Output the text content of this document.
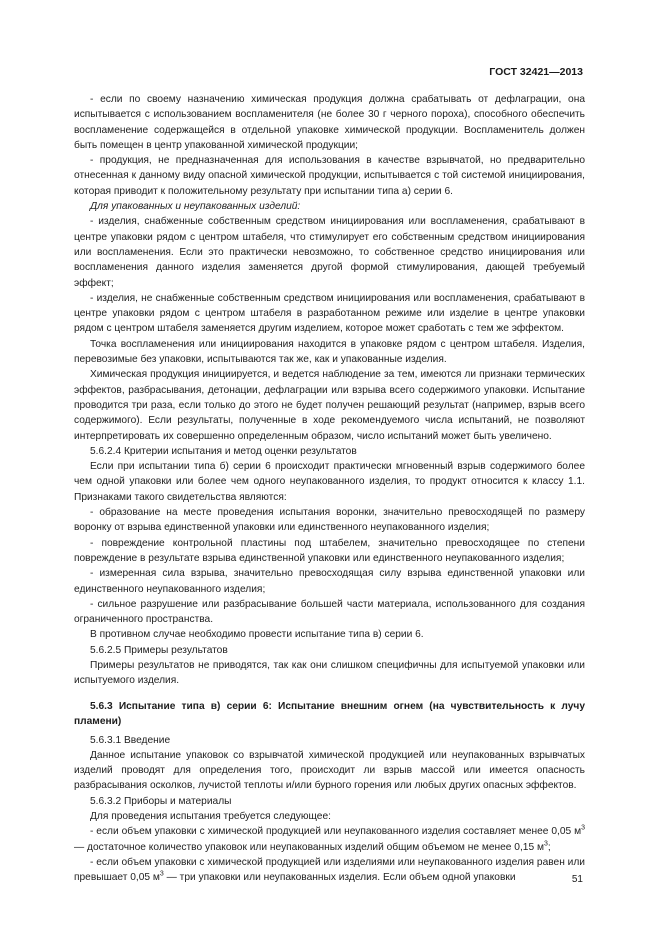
ГОСТ 32421—2013

- если по своему назначению химическая продукция должна срабатывать от дефлаграции, она испытывается с использованием воспламенителя (не более 30 г черного пороха), способного обеспечить воспламенение содержащейся в отдельной упаковке химической продукции. Воспламенитель должен быть помещен в центр упакованной химической продукции;

- продукция, не предназначенная для использования в качестве взрывчатой, но предварительно отнесенная к данному виду опасной химической продукции, испытывается с той системой инициирования, которая приводит к положительному результату при испытании типа а) серии 6.

Для упакованных и неупакованных изделий:

- изделия, снабженные собственным средством инициирования или воспламенения, срабатывают в центре упаковки рядом с центром штабеля, что стимулирует его собственным средством инициирования или воспламенения. Если это практически невозможно, то собственное средство инициирования или воспламенения данного изделия заменяется другой формой стимулирования, дающей требуемый эффект;

- изделия, не снабженные собственным средством инициирования или воспламенения, срабатывают в центре упаковки рядом с центром штабеля в разработанном режиме или изделие в центре упаковки рядом с центром штабеля заменяется другим изделием, которое может сработать с тем же эффектом.

Точка воспламенения или инициирования находится в упаковке рядом с центром штабеля. Изделия, перевозимые без упаковки, испытываются так же, как и упакованные изделия.

Химическая продукция инициируется, и ведется наблюдение за тем, имеются ли признаки термических эффектов, разбрасывания, детонации, дефлаграции или взрыва всего содержимого упаковки. Испытание проводится три раза, если только до этого не будет получен решающий результат (например, взрыв всего содержимого). Если результаты, полученные в ходе рекомендуемого числа испытаний, не позволяют интерпретировать их совершенно определенным образом, число испытаний может быть увеличено.

5.6.2.4 Критерии испытания и метод оценки результатов

Если при испытании типа б) серии 6 происходит практически мгновенный взрыв содержимого более чем одной упаковки или более чем одного неупакованного изделия, то продукт относится к классу 1.1. Признаками такого свидетельства являются:

- образование на месте проведения испытания воронки, значительно превосходящей по размеру воронку от взрыва единственной упаковки или единственного неупакованного изделия;

- повреждение контрольной пластины под штабелем, значительно превосходящее по степени повреждение в результате взрыва единственной упаковки или единственного неупакованного изделия;

- измеренная сила взрыва, значительно превосходящая силу взрыва единственной упаковки или единственного неупакованного изделия;

- сильное разрушение или разбрасывание большей части материала, использованного для создания ограниченного пространства.

В противном случае необходимо провести испытание типа в) серии 6.

5.6.2.5 Примеры результатов

Примеры результатов не приводятся, так как они слишком специфичны для испытуемой упаковки или испытуемого изделия.

5.6.3 Испытание типа в) серии 6: Испытание внешним огнем (на чувствительность к лучу пламени)

5.6.3.1 Введение

Данное испытание упаковок со взрывчатой химической продукцией или неупакованных взрывчатых изделий проводят для определения того, происходит ли взрыв массой или имеется опасность разбрасывания осколков, лучистой теплоты и/или бурного горения или любых других опасных эффектов.

5.6.3.2 Приборы и материалы

Для проведения испытания требуется следующее:

- если объем упаковки с химической продукцией или неупакованного изделия составляет менее 0,05 $м^3$ — достаточное количество упаковок или неупакованных изделий общим объемом не менее 0,15 $м^3$;

- если объем упаковки с химической продукцией или изделиями или неупакованного изделия равен или превышает 0,05 $м^3$ — три упаковки или неупакованных изделия. Если объем одной упаковки	51
